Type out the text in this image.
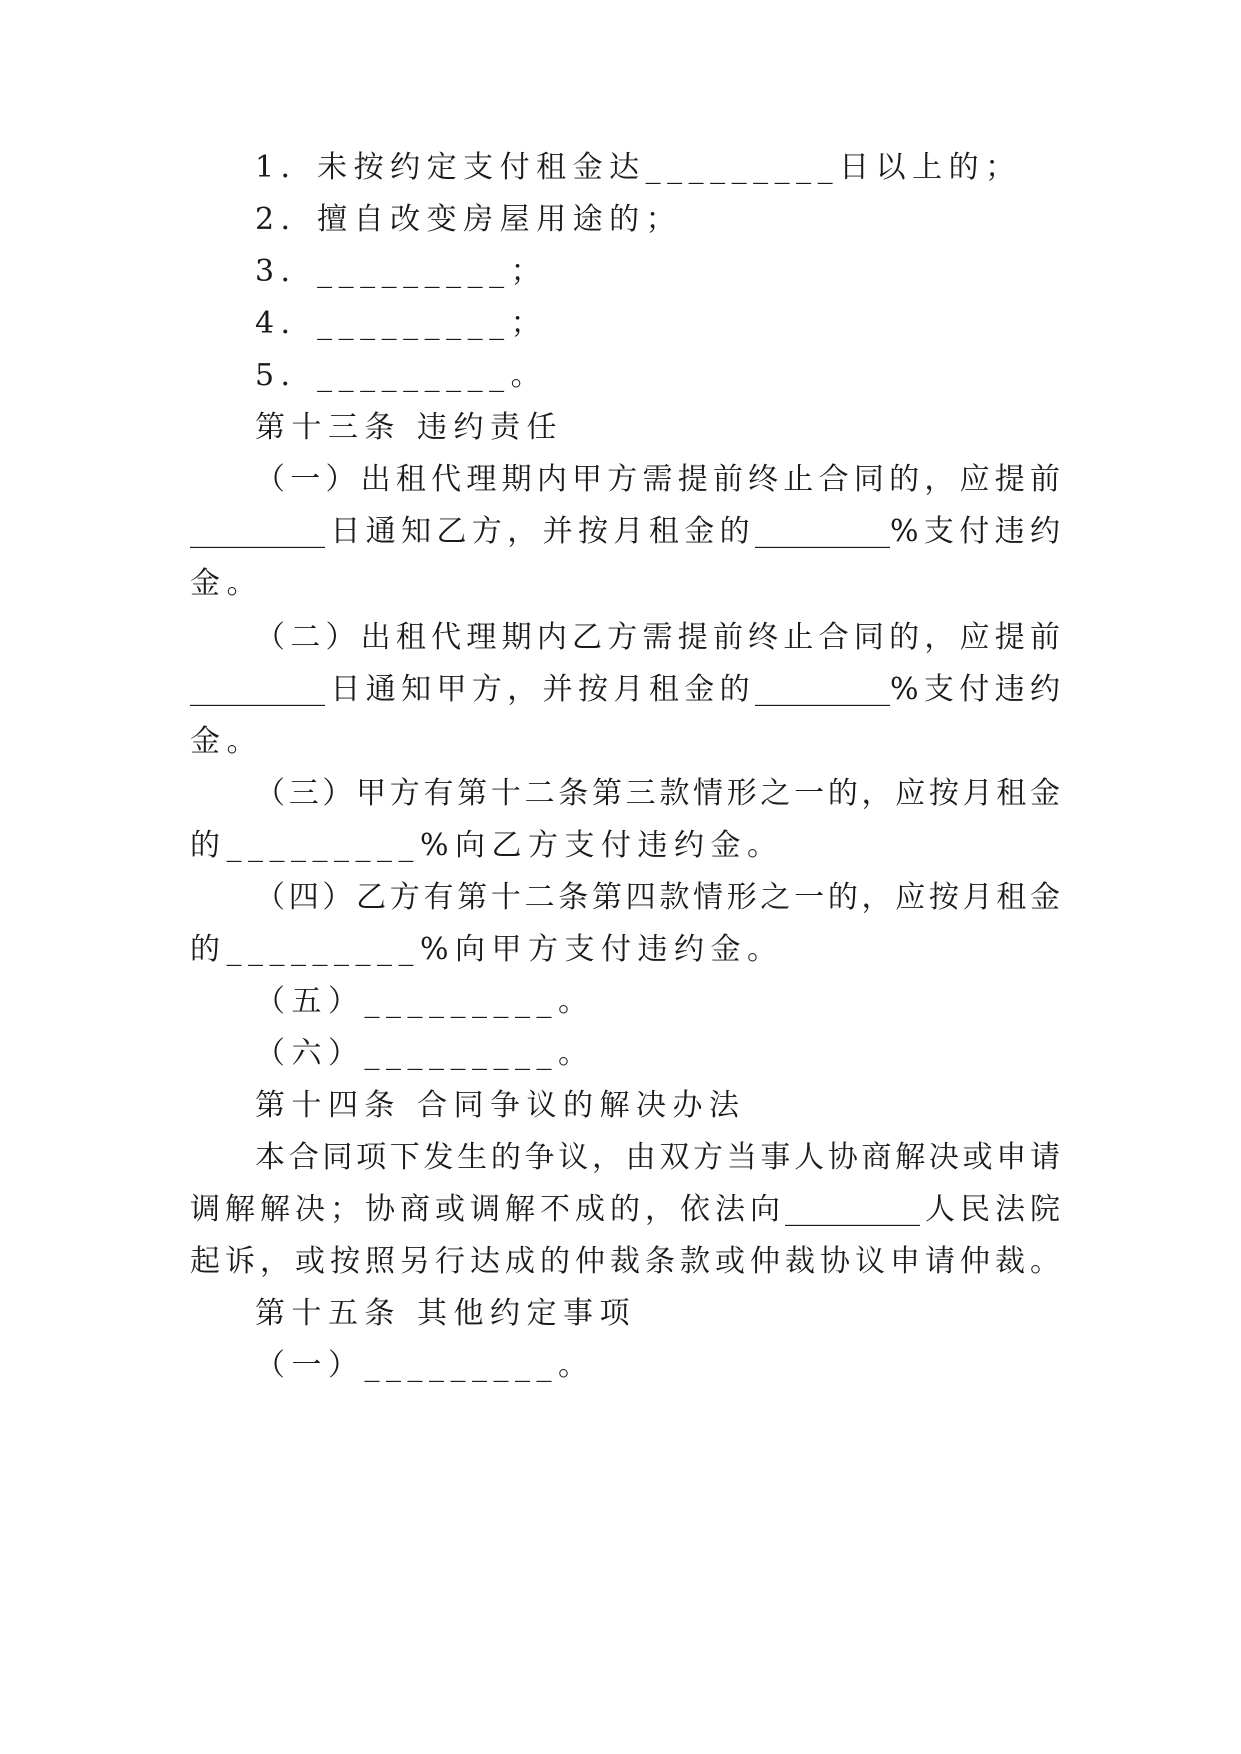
1．未按约定支付租金达_________日以上的；
2．擅自改变房屋用途的；
3．_________；
4．_________；
5．_________。
第十三条 违约责任
（一）出租代理期内甲方需提前终止合同的，应提前
_________日通知乙方，并按月租金的_________%支付违约
金。
（二）出租代理期内乙方需提前终止合同的，应提前
_________日通知甲方，并按月租金的_________%支付违约
金。
（三）甲方有第十二条第三款情形之一的，应按月租金
的_________%向乙方支付违约金。
（四）乙方有第十二条第四款情形之一的，应按月租金
的_________%向甲方支付违约金。
（五）_________。
（六）_________。
第十四条 合同争议的解决办法
本合同项下发生的争议，由双方当事人协商解决或申请
调解解决；协商或调解不成的，依法向_________人民法院
起诉，或按照另行达成的仲裁条款或仲裁协议申请仲裁。
第十五条 其他约定事项
（一）_________。
